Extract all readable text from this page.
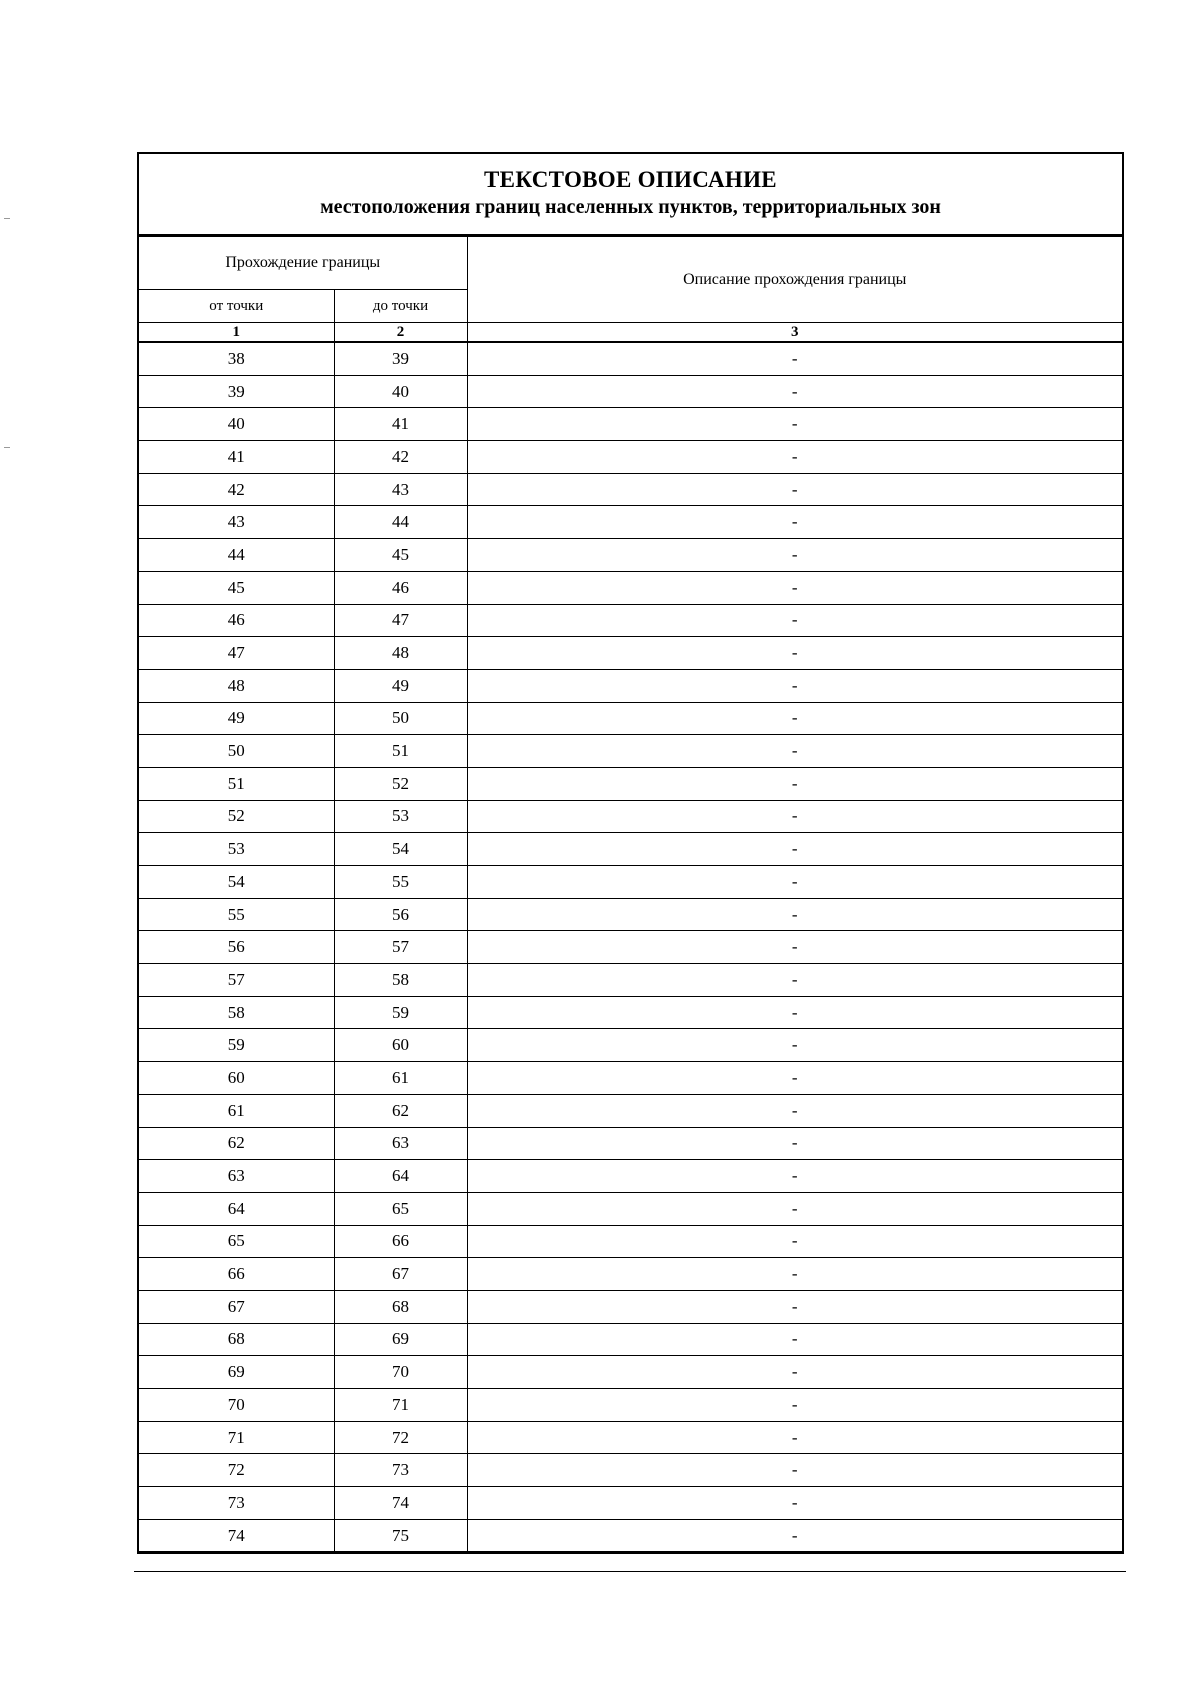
ТЕКСТОВОЕ ОПИСАНИЕ
местоположения границ населенных пунктов, территориальных зон
Прохождение границы		Описание прохождения границы
от точки	до точки	
1	2	3
38	39	-
39	40	-
40	41	-
41	42	-
42	43	-
43	44	-
44	45	-
45	46	-
46	47	-
47	48	-
48	49	-
49	50	-
50	51	-
51	52	-
52	53	-
53	54	-
54	55	-
55	56	-
56	57	-
57	58	-
58	59	-
59	60	-
60	61	-
61	62	-
62	63	-
63	64	-
64	65	-
65	66	-
66	67	-
67	68	-
68	69	-
69	70	-
70	71	-
71	72	-
72	73	-
73	74	-
74	75	-
